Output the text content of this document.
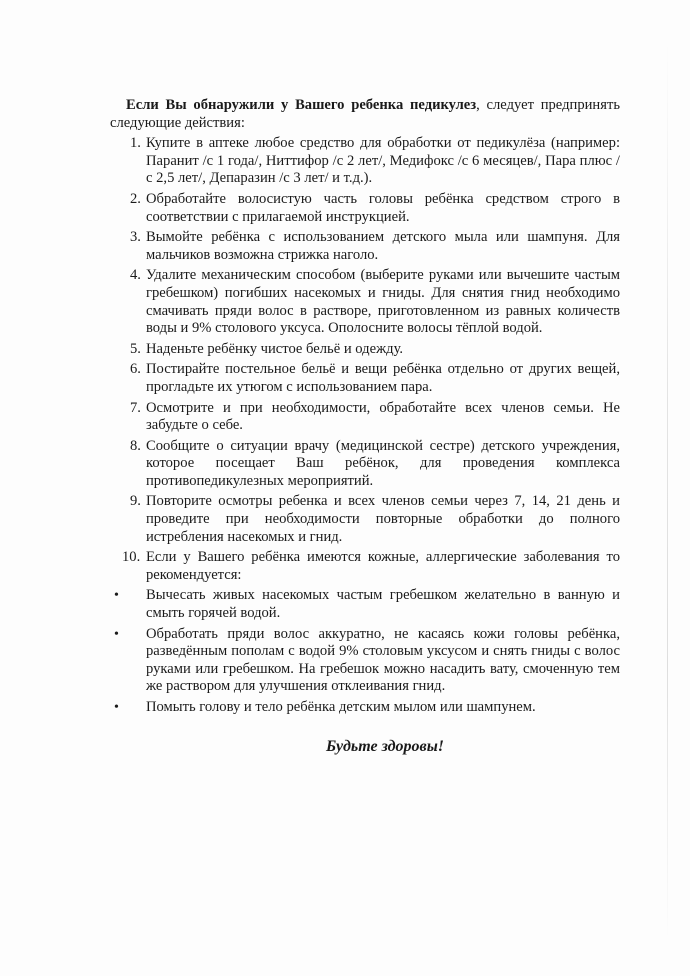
Если Вы обнаружили у Вашего ребенка педикулез, следует предпринять следующие действия:

1. Купите в аптеке любое средство для обработки от педикулёза (например: Паранит /с 1 года/, Ниттифор /с 2 лет/, Медифокс /с 6 месяцев/, Пара плюс /с 2,5 лет/, Депаразин /с 3 лет/ и т.д.).
2. Обработайте волосистую часть головы ребёнка средством строго в соответствии с прилагаемой инструкцией.
3. Вымойте ребёнка с использованием детского мыла или шампуня. Для мальчиков возможна стрижка наголо.
4. Удалите механическим способом (выберите руками или вычешите частым гребешком) погибших насекомых и гниды. Для снятия гнид необходимо смачивать пряди волос в растворе, приготовленном из равных количеств воды и 9% столового уксуса. Ополосните волосы тёплой водой.
5. Наденьте ребёнку чистое бельё и одежду.
6. Постирайте постельное бельё и вещи ребёнка отдельно от других вещей, прогладьте их утюгом с использованием пара.
7. Осмотрите и при необходимости, обработайте всех членов семьи. Не забудьте о себе.
8. Сообщите о ситуации врачу (медицинской сестре) детского учреждения, которое посещает Ваш ребёнок, для проведения комплекса противопедикулезных мероприятий.
9. Повторите осмотры ребенка и всех членов семьи через 7, 14, 21 день и проведите при необходимости повторные обработки до полного истребления насекомых и гнид.
10. Если у Вашего ребёнка имеются кожные, аллергические заболевания то рекомендуется:
• Вычесать живых насекомых частым гребешком желательно в ванную и смыть горячей водой.
• Обработать пряди волос аккуратно, не касаясь кожи головы ребёнка, разведённым пополам с водой 9% столовым уксусом и снять гниды с волос руками или гребешком. На гребешок можно насадить вату, смоченную тем же раствором для улучшения отклеивания гнид.
• Помыть голову и тело ребёнка детским мылом или шампунем.
Будьте здоровы!
